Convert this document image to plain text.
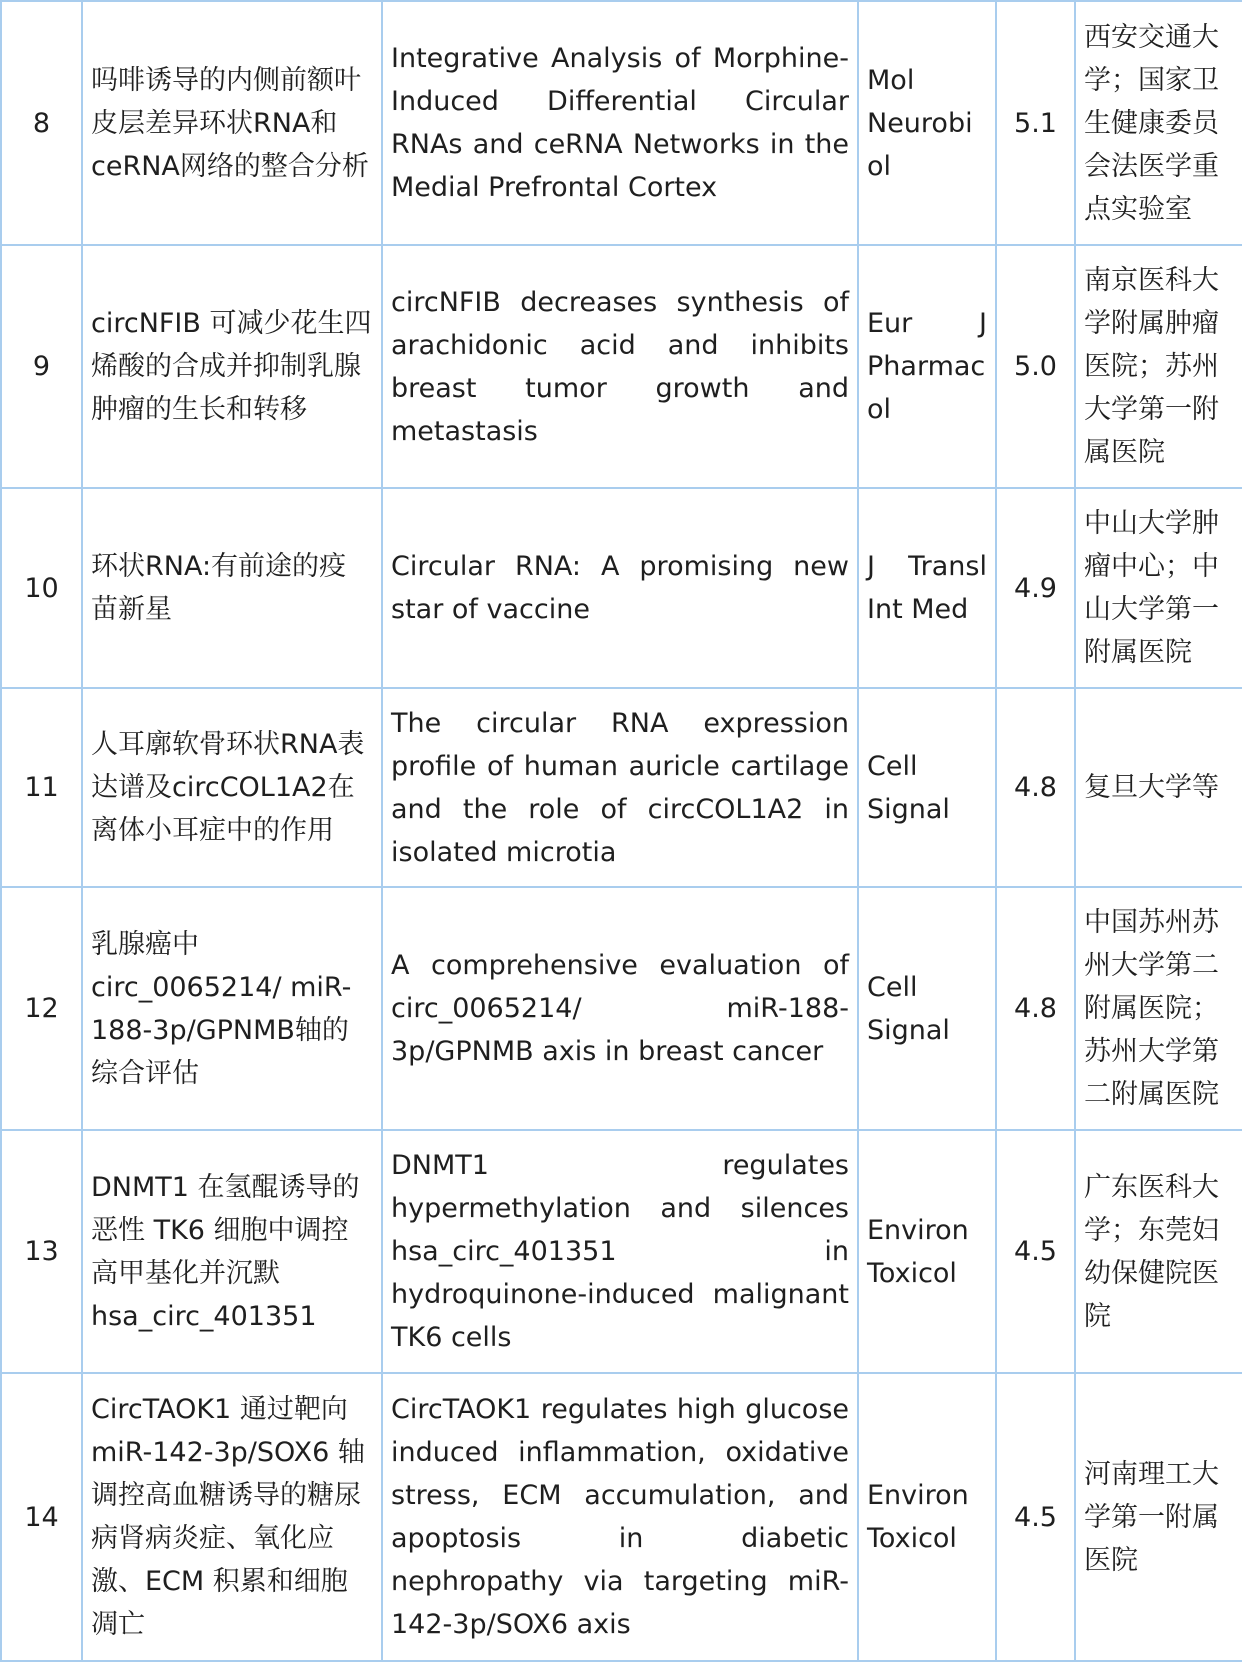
8	吗啡诱导的内侧前额叶皮层差异环状RNA和ceRNA网络的整合分析	Integrative Analysis of Morphine-Induced Differential Circular RNAs and ceRNA Networks in the Medial Prefrontal Cortex	Mol Neurobiol	5.1	西安交通大学；国家卫生健康委员会法医学重点实验室
9	circNFIB 可减少花生四烯酸的合成并抑制乳腺肿瘤的生长和转移	circNFIB decreases synthesis of arachidonic acid and inhibits breast tumor growth and metastasis	Eur J Pharmacol	5.0	南京医科大学附属肿瘤医院；苏州大学第一附属医院
10	环状RNA:有前途的疫苗新星	Circular RNA: A promising new star of vaccine	J Transl Int Med	4.9	中山大学肿瘤中心；中山大学第一附属医院
11	人耳廓软骨环状RNA表达谱及circCOL1A2在离体小耳症中的作用	The circular RNA expression profile of human auricle cartilage and the role of circCOL1A2 in isolated microtia	Cell Signal	4.8	复旦大学等
12	乳腺癌中circ_0065214/ miR-188-3p/GPNMB轴的综合评估	A comprehensive evaluation of circ_0065214/ miR-188-3p/GPNMB axis in breast cancer	Cell Signal	4.8	中国苏州苏州大学第二附属医院；苏州大学第二附属医院
13	DNMT1 在氢醌诱导的恶性 TK6 细胞中调控高甲基化并沉默 hsa_circ_401351	DNMT1 regulates hypermethylation and silences hsa_circ_401351 in hydroquinone-induced malignant TK6 cells	Environ Toxicol	4.5	广东医科大学；东莞妇幼保健院医院
14	CircTAOK1 通过靶向 miR-142-3p/SOX6 轴调控高血糖诱导的糖尿病肾病炎症、氧化应激、ECM 积累和细胞凋亡	CircTAOK1 regulates high glucose induced inflammation, oxidative stress, ECM accumulation, and apoptosis in diabetic nephropathy via targeting miR-142-3p/SOX6 axis	Environ Toxicol	4.5	河南理工大学第一附属医院
